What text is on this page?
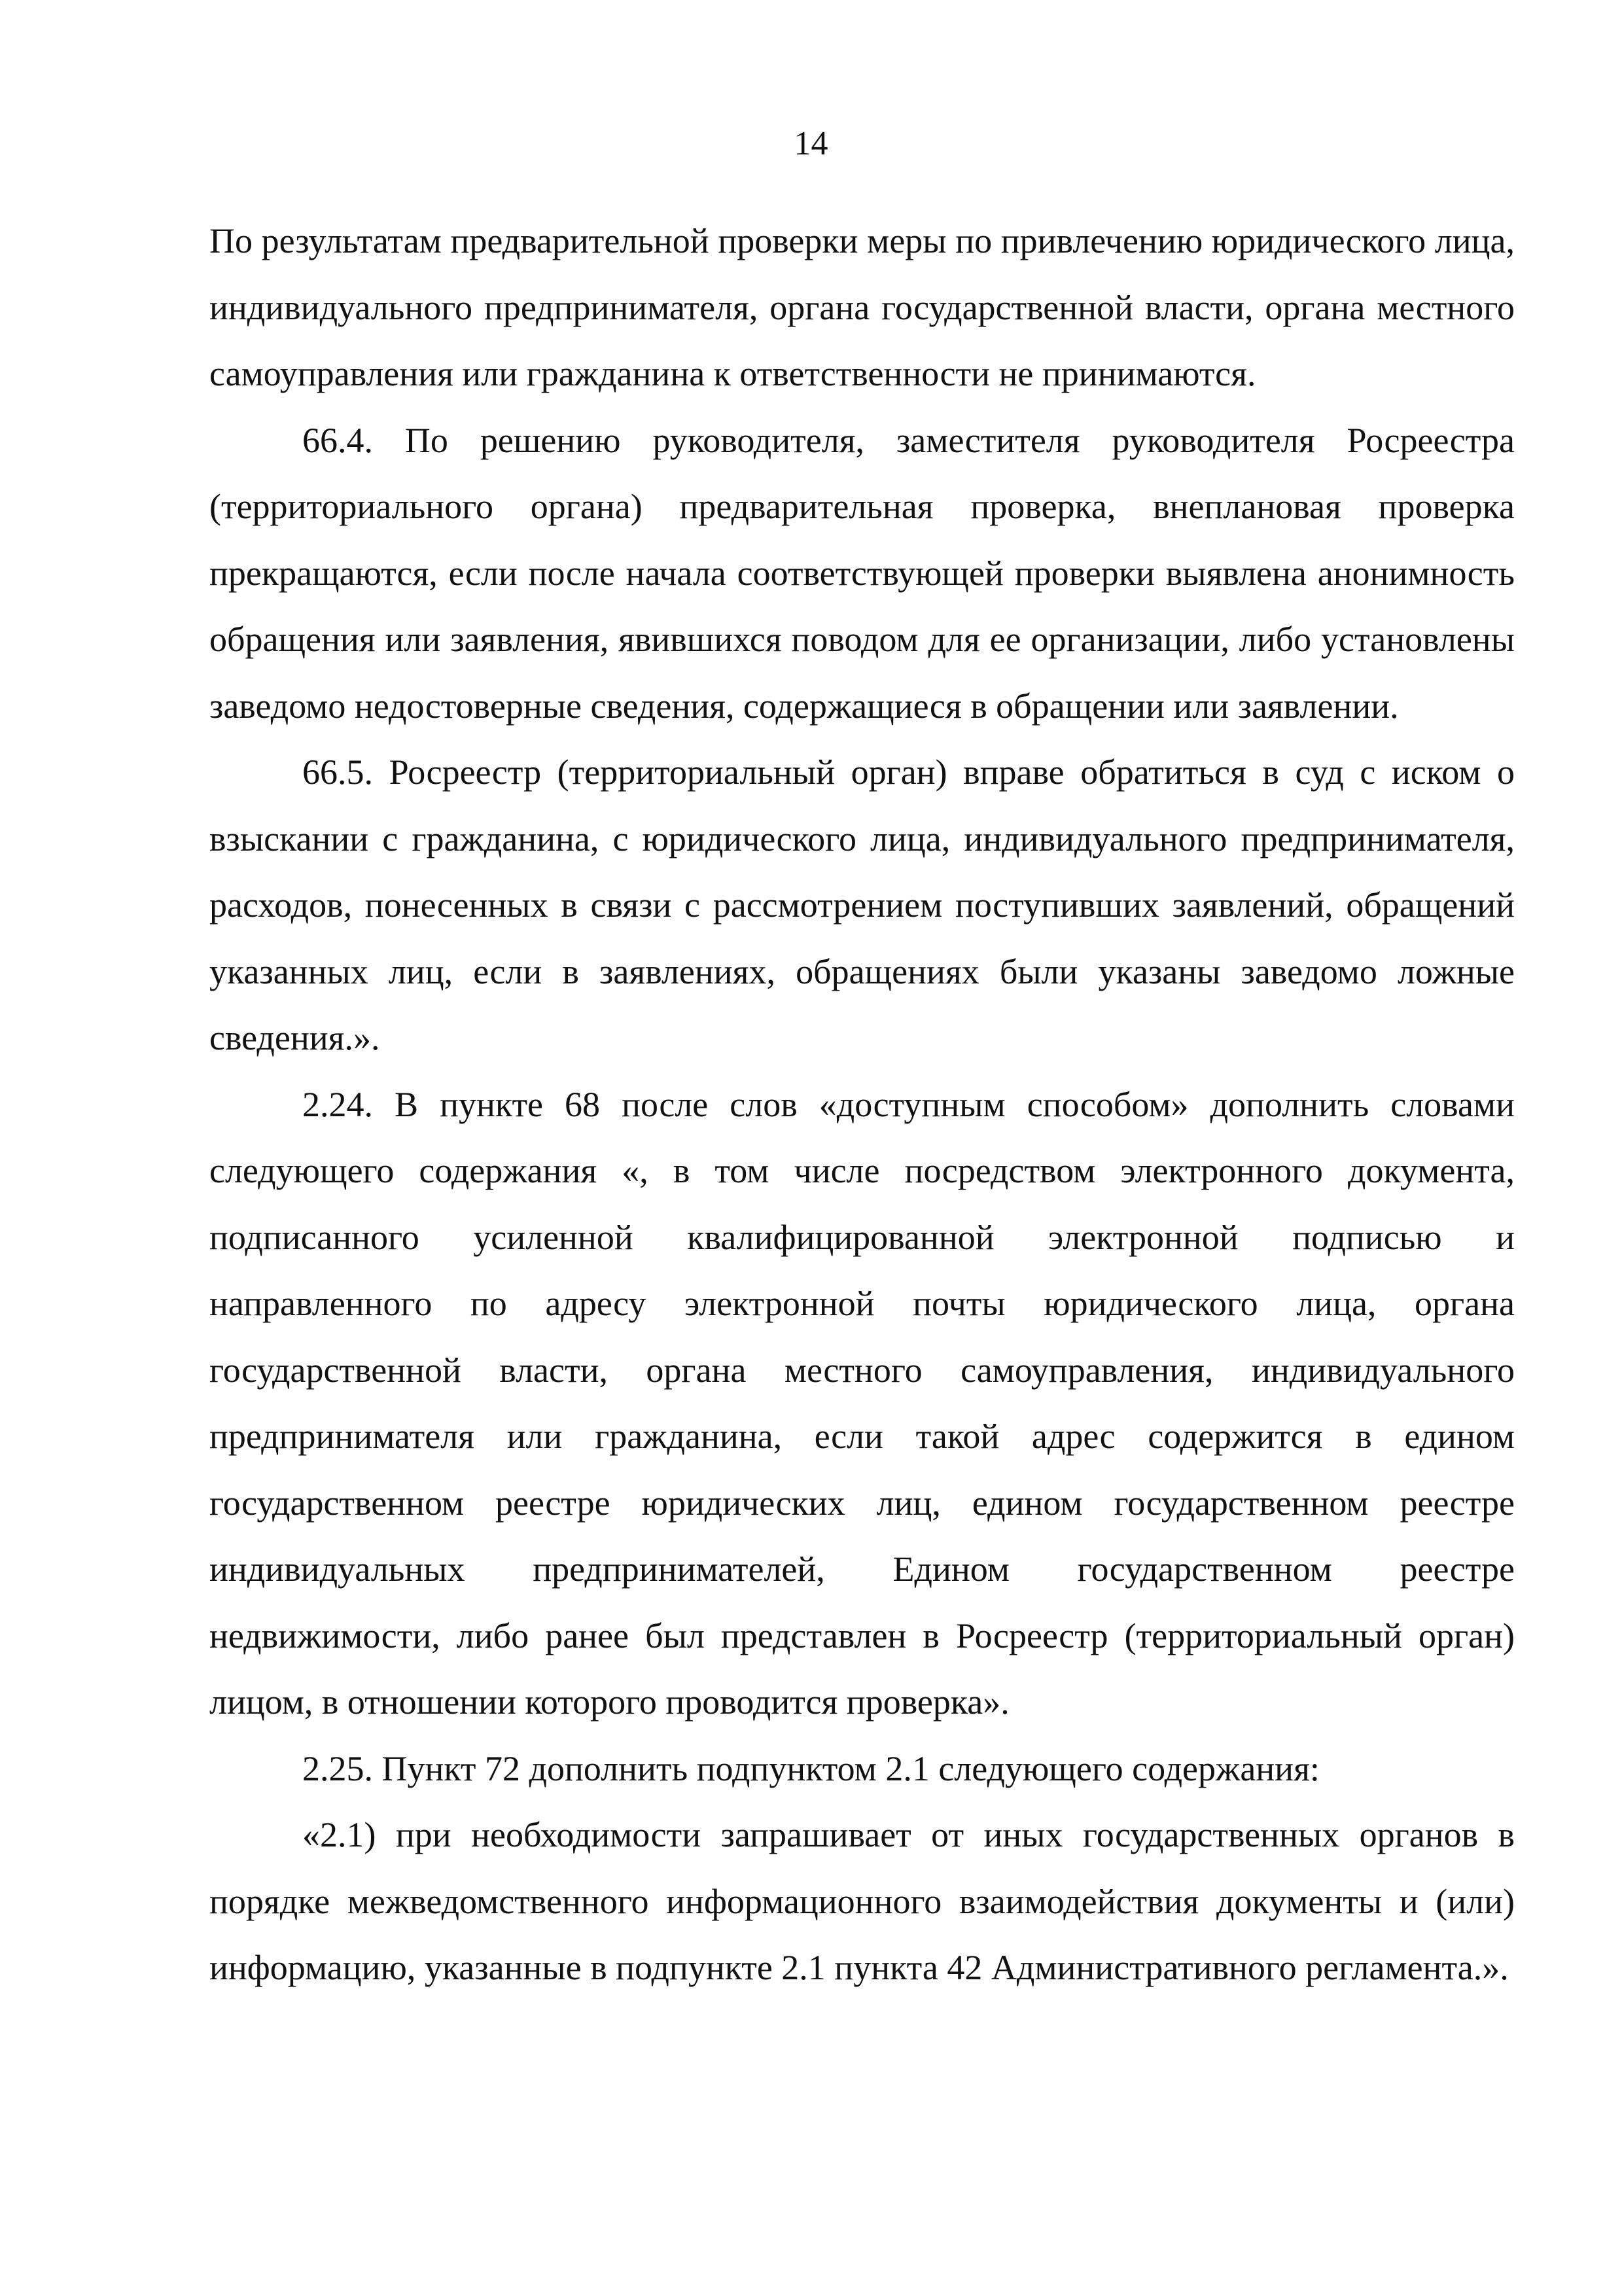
14

По результатам предварительной проверки меры по привлечению юридического лица, индивидуального предпринимателя, органа государственной власти, органа местного самоуправления или гражданина к ответственности не принимаются.

66.4. По решению руководителя, заместителя руководителя Росреестра (территориального органа) предварительная проверка, внеплановая проверка прекращаются, если после начала соответствующей проверки выявлена анонимность обращения или заявления, явившихся поводом для ее организации, либо установлены заведомо недостоверные сведения, содержащиеся в обращении или заявлении.

66.5. Росреестр (территориальный орган) вправе обратиться в суд с иском о взыскании с гражданина, с юридического лица, индивидуального предпринимателя, расходов, понесенных в связи с рассмотрением поступивших заявлений, обращений указанных лиц, если в заявлениях, обращениях были указаны заведомо ложные сведения.».

2.24. В пункте 68 после слов «доступным способом» дополнить словами следующего содержания «, в том числе посредством электронного документа, подписанного усиленной квалифицированной электронной подписью и направленного по адресу электронной почты юридического лица, органа государственной власти, органа местного самоуправления, индивидуального предпринимателя или гражданина, если такой адрес содержится в едином государственном реестре юридических лиц, едином государственном реестре индивидуальных предпринимателей, Едином государственном реестре недвижимости, либо ранее был представлен в Росреестр (территориальный орган) лицом, в отношении которого проводится проверка».

2.25. Пункт 72 дополнить подпунктом 2.1 следующего содержания:

«2.1) при необходимости запрашивает от иных государственных органов в порядке межведомственного информационного взаимодействия документы и (или) информацию, указанные в подпункте 2.1 пункта 42 Административного регламента.».
